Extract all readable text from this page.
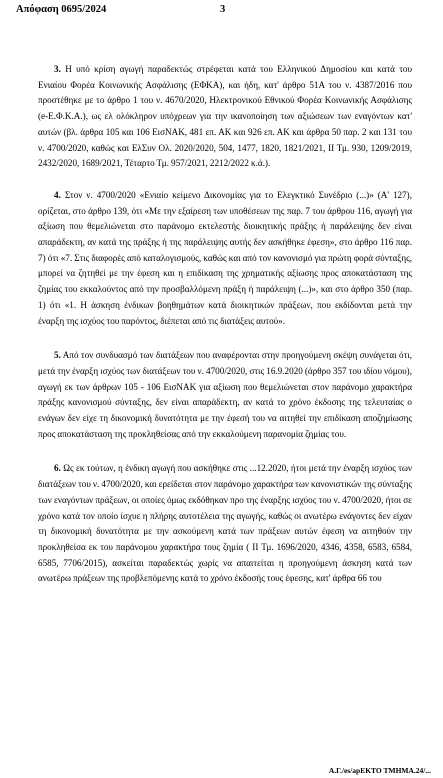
Απόφαση 0695/2024	3

3. Η υπό κρίση αγωγή παραδεκτώς στρέφεται κατά του Ελληνικού Δημοσίου και κατά του Ενιαίου Φορέα Κοινωνικής Ασφάλισης (ΕΦΚΑ), και ήδη, κατ' άρθρο 51Α του ν. 4387/2016 που προστέθηκε με το άρθρο 1 του ν. 4670/2020, Ηλεκτρονικού Εθνικού Φορέα Κοινωνικής Ασφάλισης (e-Ε.Φ.Κ.Α.), ως ελ ολόκληρον υπόχρεων για την ικανοποίηση των αξιώσεων των εναγόντων κατ' αυτών (βλ. άρθρα 105 και 106 ΕισΝΑΚ, 481 επ. ΑΚ και 926 επ. ΑΚ και άρθρα 50 παρ. 2 και 131 του ν. 4700/2020, καθώς και ΕλΣυν Ολ. 2020/2020, 504, 1477, 1820, 1821/2021, ΙΙ Τμ. 930, 1209/2019, 2432/2020, 1689/2021, Τέταρτο Τμ. 957/2021, 2212/2022 κ.ά.).

4. Στον ν. 4700/2020 «Ενιαίο κείμενο Δικονομίας για το Ελεγκτικό Συνέδριο (...)» (Α' 127), ορίζεται, στο άρθρο 139, ότι «Με την εξαίρεση των υποθέσεων της παρ. 7 του άρθρου 116, αγωγή για αξίωση που θεμελιώνεται στο παράνομο εκτελεστής διοικητικής πράξης ή παράλειψης δεν είναι απαράδεκτη, αν κατά της πράξης ή της παράλειψης αυτής δεν ασκήθηκε έφεση», στο άρθρο 116 παρ. 7) ότι «7. Στις διαφορές από καταλογισμούς, καθώς και από τον κανονισμό για πρώτη φορά σύνταξης, μπορεί να ζητηθεί με την έφεση και η επιδίκαση της χρηματικής αξίωσης προς αποκατάσταση της ζημίας του εκκαλούντος από την προσβαλλόμενη πράξη ή παράλειψη (...)», και στο άρθρο 350 (παρ. 1) ότι «1. Η άσκηση ένδικων βοηθημάτων κατά διοικητικών πράξεων, που εκδίδονται μετά την έναρξη της ισχύος του παρόντος, διέπεται από τις διατάξεις αυτού».

5. Από τον συνδυασμό των διατάξεων που αναφέρονται στην προηγούμενη σκέψη συνάγεται ότι, μετά την έναρξη ισχύος των διατάξεων του ν. 4700/2020, στις 16.9.2020 (άρθρο 357 του ιδίου νόμου), αγωγή εκ των άρθρων 105 - 106 ΕισΝΑΚ για αξίωση που θεμελιώνεται στον παράνομο χαρακτήρα πράξης κανονισμού σύνταξης, δεν είναι απαράδεκτη, αν κατά το χρόνο έκδοσης της τελευταίας ο ενάγων δεν είχε τη δικονομική δυνατότητα με την έφεσή του να αιτηθεί την επιδίκαση αποζημίωσης προς αποκατάσταση της προκληθείσας από την εκκαλούμενη παρανομία ζημίας του.

6. Ως εκ τούτων, η ένδικη αγωγή που ασκήθηκε στις ...12.2020, ήτοι μετά την έναρξη ισχύος των διατάξεων του ν. 4700/2020, και ερείδεται στον παράνομο χαρακτήρα των κανονιστικών της σύνταξης των εναγόντων πράξεων, οι οποίες όμως εκδόθηκαν προ της έναρξης ισχύος του ν. 4700/2020, ήτοι σε χρόνο κατά τον οποίο ίσχυε η πλήρης αυτοτέλεια της αγωγής, καθώς οι ανωτέρω ενάγοντες δεν είχαν τη δικονομική δυνατότητα με την ασκούμενη κατά των πράξεων αυτών έφεση να αιτηθούν την προκληθείσα εκ του παράνομου χαρακτήρα τους ζημία ( ΙΙ Τμ. 1696/2020, 4346, 4358, 6583, 6584, 6585, 7706/2015), ασκείται παραδεκτώς χωρίς να απαιτείται η προηγούμενη άσκηση κατά των ανωτέρω πράξεων της προβλεπόμενης κατά το χρόνο έκδοσής τους έφεσης, κατ' άρθρα 66 του

Α.Γ./es/apΕΚΤΟ ΤΜΗΜΑ.24/...
